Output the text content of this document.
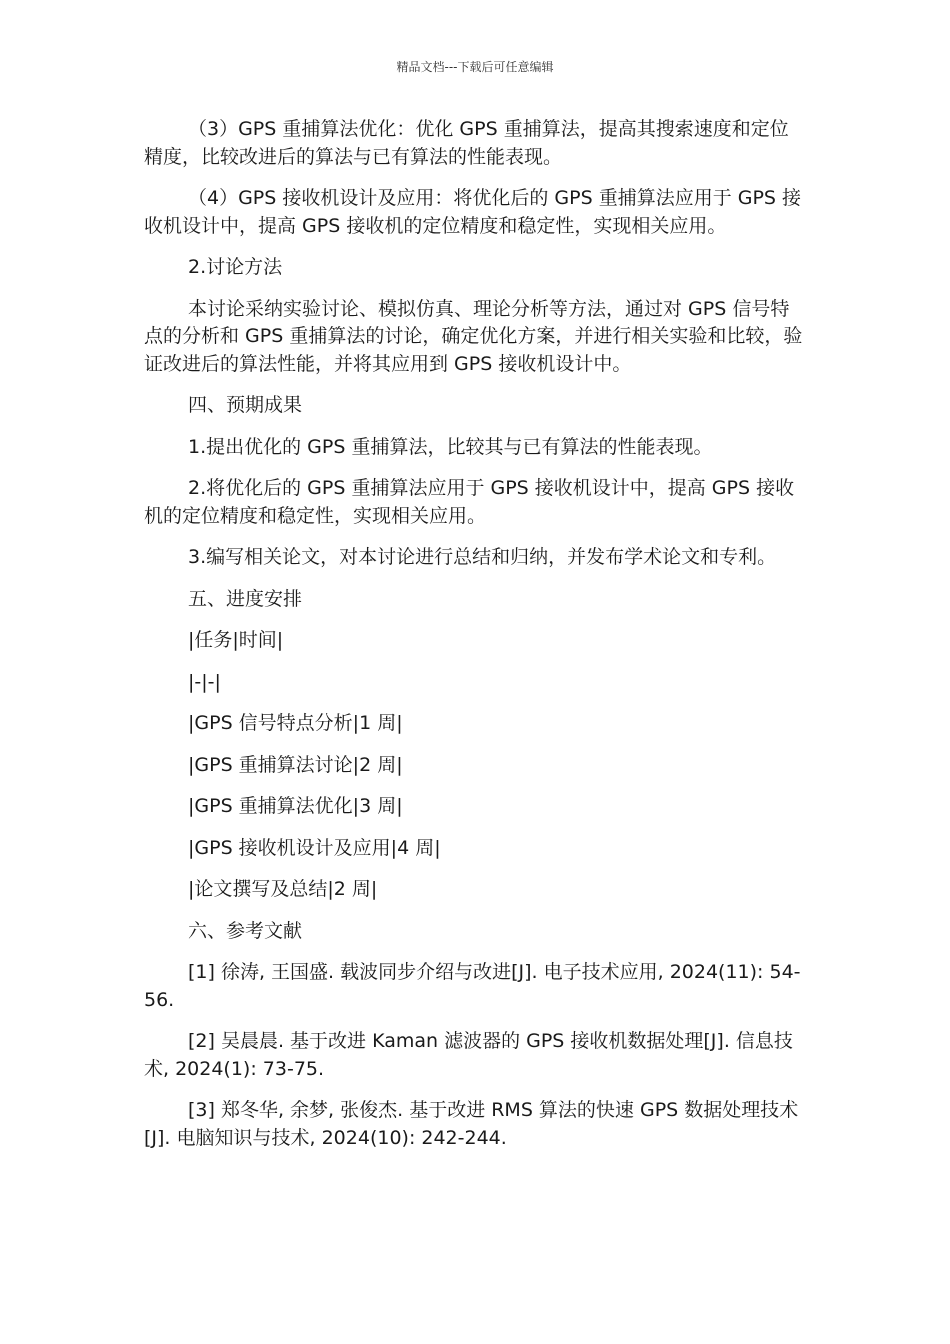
精品文档---下载后可任意编辑

（3）GPS 重捕算法优化：优化 GPS 重捕算法，提高其搜索速度和定位精度，比较改进后的算法与已有算法的性能表现。

（4）GPS 接收机设计及应用：将优化后的 GPS 重捕算法应用于 GPS 接收机设计中，提高 GPS 接收机的定位精度和稳定性，实现相关应用。

2.讨论方法

本讨论采纳实验讨论、模拟仿真、理论分析等方法，通过对 GPS 信号特点的分析和 GPS 重捕算法的讨论，确定优化方案，并进行相关实验和比较，验证改进后的算法性能，并将其应用到 GPS 接收机设计中。

四、预期成果

1.提出优化的 GPS 重捕算法，比较其与已有算法的性能表现。

2.将优化后的 GPS 重捕算法应用于 GPS 接收机设计中，提高 GPS 接收机的定位精度和稳定性，实现相关应用。

3.编写相关论文，对本讨论进行总结和归纳，并发布学术论文和专利。

五、进度安排

|任务|时间|

|-|-|

|GPS 信号特点分析|1 周|

|GPS 重捕算法讨论|2 周|

|GPS 重捕算法优化|3 周|

|GPS 接收机设计及应用|4 周|

|论文撰写及总结|2 周|

六、参考文献

[1] 徐涛, 王国盛. 载波同步介绍与改进[J]. 电子技术应用, 2024(11): 54-56.

[2] 吴晨晨. 基于改进 Kaman 滤波器的 GPS 接收机数据处理[J]. 信息技术, 2024(1): 73-75.

[3] 郑冬华, 余梦, 张俊杰. 基于改进 RMS 算法的快速 GPS 数据处理技术[J]. 电脑知识与技术, 2024(10): 242-244.
